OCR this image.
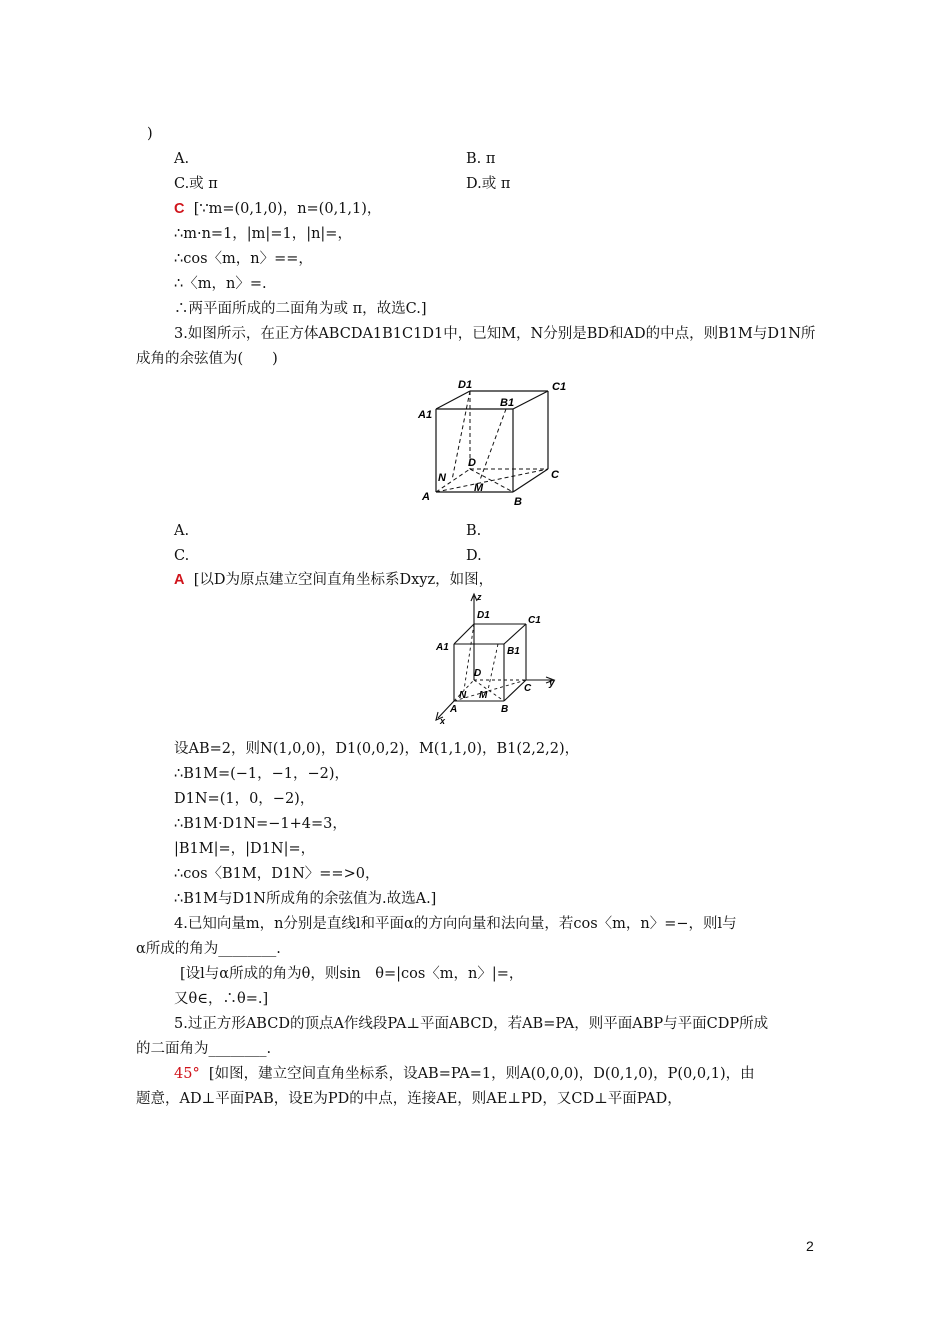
)
A.	B. π
C.或 π	D.或 π
C [∵m=(0,1,0)，n=(0,1,1)，
∴m·n=1，|m|=1，|n|=，
∴cos〈m，n〉==，
∴〈m，n〉=.
∴两平面所成的二面角为或 π，故选C.]
3.如图所示，在正方体ABCDA1B1C1D1中，已知M，N分别是BD和AD的中点，则B1M与D1N所
成角的余弦值为(　　)
D1	C1
A1
B1
D
C
N
M
A	B
A.	B.
C.	D.
A [以D为原点建立空间直角坐标系Dxyz，如图，
z
D1	C1
A1	B1
D
C y
N M
A	B
x
设AB=2，则N(1,0,0)，D1(0,0,2)，M(1,1,0)，B1(2,2,2)，
∴B1M=(−1，−1，−2)，
D1N=(1，0，−2)，
∴B1M·D1N=−1+4=3，
|B1M|=，|D1N|=，
∴cos〈B1M，D1N〉==>0，
∴B1M与D1N所成角的余弦值为.故选A.]
4.已知向量m，n分别是直线l和平面α的方向向量和法向量，若cos〈m，n〉=−，则l与
α所成的角为________.
[设l与α所成的角为θ，则sin　θ=|cos〈m，n〉|=，
又θ∈，∴θ=.]
5.过正方形ABCD的顶点A作线段PA⊥平面ABCD，若AB=PA，则平面ABP与平面CDP所成
的二面角为________.
45° [如图，建立空间直角坐标系，设AB=PA=1，则A(0,0,0)，D(0,1,0)，P(0,0,1)，由
题意，AD⊥平面PAB，设E为PD的中点，连接AE，则AE⊥PD，又CD⊥平面PAD，
2
